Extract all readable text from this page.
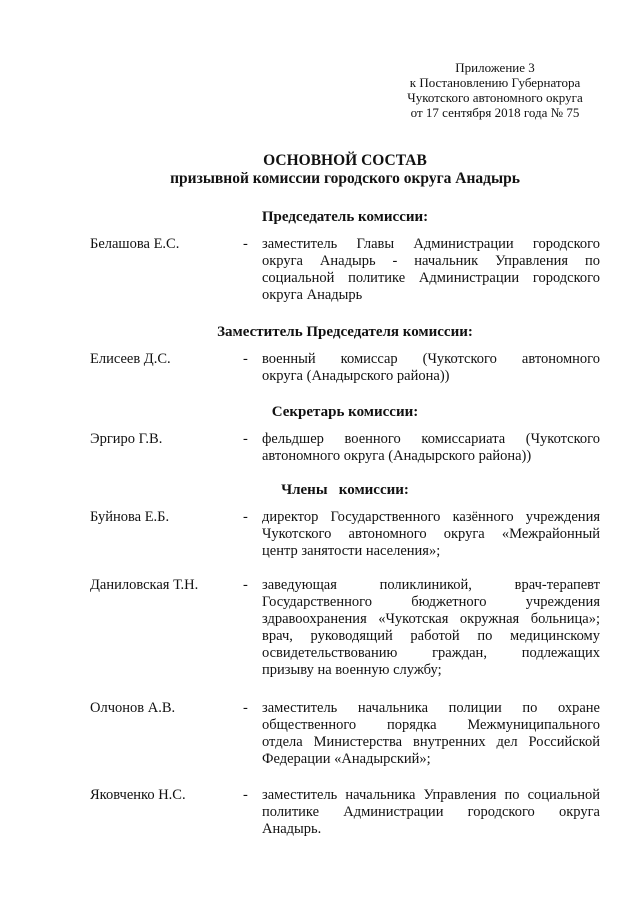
Приложение 3
к Постановлению Губернатора
Чукотского автономного округа
от 17 сентября 2018 года № 75
ОСНОВНОЙ СОСТАВ
призывной комиссии городского округа Анадырь
Председатель комиссии:
Белашова Е.С.	- заместитель Главы Администрации городского
округа Анадырь - начальник Управления по
социальной политике Администрации городского
округа Анадырь
Заместитель Председателя комиссии:
Елисеев Д.С.	- военный комиссар (Чукотского автономного
округа (Анадырского района))
Секретарь комиссии:
Эргиро Г.В.	- фельдшер военного комиссариата (Чукотского
автономного округа (Анадырского района))
Члены   комиссии:
Буйнова Е.Б.	- директор Государственного казённого учреждения
Чукотского автономного округа «Межрайонный
центр занятости населения»;
Даниловская Т.Н.	- заведующая поликлиникой, врач-терапевт
Государственного бюджетного учреждения
здравоохранения «Чукотская окружная больница»;
врач, руководящий работой по медицинскому
освидетельствованию граждан, подлежащих
призыву на военную службу;
Олчонов А.В.	- заместитель начальника полиции по охране
общественного порядка Межмуниципального
отдела Министерства внутренних дел Российской
Федерации «Анадырский»;
Яковченко Н.С.	- заместитель начальника Управления по социальной
политике Администрации городского округа
Анадырь.
